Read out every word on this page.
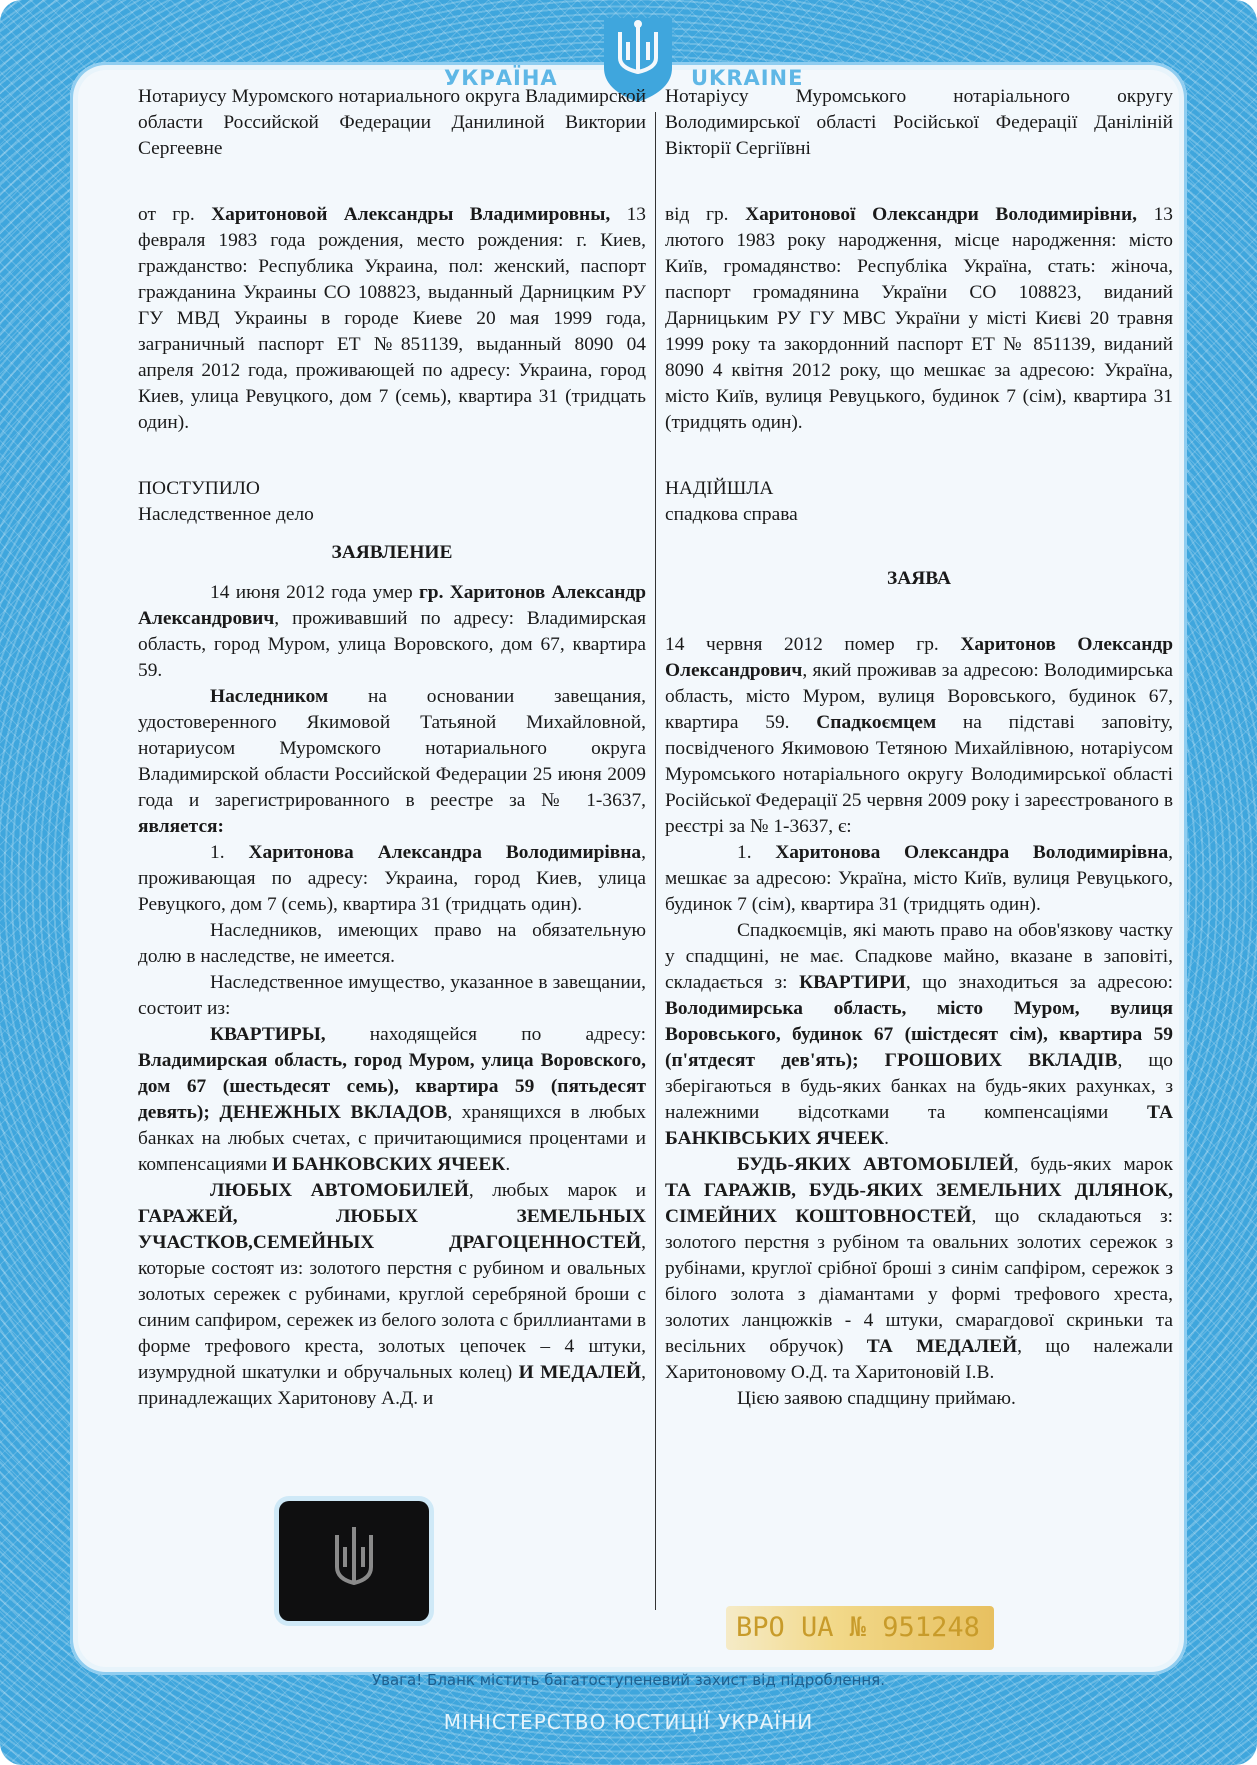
УКРАЇНА	UKRAINE

Нотариусу Муромского нотариального округа Владимирской области Российской Федерации Данилиной Виктории Сергеевне

от гр. Харитоновой Александры Владимировны, 13 февраля 1983 года рождения, место рождения: г. Киев, гражданство: Республика Украина, пол: женский, паспорт гражданина Украины СО 108823, выданный Дарницким РУ ГУ МВД Украины в городе Киеве 20 мая 1999 года, заграничный паспорт ЕТ №851139, выданный 8090 04 апреля 2012 года, проживающей по адресу: Украина, город Киев, улица Ревуцкого, дом 7 (семь), квартира 31 (тридцать один).

ПОСТУПИЛО

Наследственное дело

ЗАЯВЛЕНИЕ

14 июня 2012 года умер гр. Харитонов Александр Александрович, проживавший по адресу: Владимирская область, город Муром, улица Воровского, дом 67, квартира 59.

Наследником на основании завещания, удостоверенного Якимовой Татьяной Михайловной, нотариусом Муромского нотариального округа Владимирской области Российской Федерации 25 июня 2009 года и зарегистрированного в реестре за № 1-3637, является:

1. Харитонова Александра Володимирівна, проживающая по адресу: Украина, город Киев, улица Ревуцкого, дом 7 (семь), квартира 31 (тридцать один).

Наследников, имеющих право на обязательную долю в наследстве, не имеется.

Наследственное имущество, указанное в завещании, состоит из:

КВАРТИРЫ, находящейся по адресу: Владимирская область, город Муром, улица Воровского, дом 67 (шестьдесят семь), квартира 59 (пятьдесят девять); ДЕНЕЖНЫХ ВКЛАДОВ, хранящихся в любых банках на любых счетах, с причитающимися процентами и компенсациями И БАНКОВСКИХ ЯЧЕЕК.

ЛЮБЫХ АВТОМОБИЛЕЙ, любых марок и ГАРАЖЕЙ, ЛЮБЫХ ЗЕМЕЛЬНЫХ УЧАСТКОВ,СЕМЕЙНЫХ ДРАГОЦЕННОСТЕЙ, которые состоят из: золотого перстня с рубином и овальных золотых сережек с рубинами, круглой серебряной броши с синим сапфиром, сережек из белого золота с бриллиантами в форме трефового креста, золотых цепочек – 4 штуки, изумрудной шкатулки и обручальных колец) И МЕДАЛЕЙ, принадлежащих Харитонову А.Д. и

Нотаріусу Муромського нотаріального округу Володимирської області Російської Федерації Даніліній Вікторії Сергіївні

від гр. Харитонової Олександри Володимирівни, 13 лютого 1983 року народження, місце народження: місто Київ, громадянство: Республіка Україна, стать: жіноча, паспорт громадянина України СО 108823, виданий Дарницьким РУ ГУ МВС України у місті Києві 20 травня 1999 року та закордонний паспорт ЕТ № 851139, виданий 8090 4 квітня 2012 року, що мешкає за адресою: Україна, місто Київ, вулиця Ревуцького, будинок 7 (сім), квартира 31 (тридцять один).

НАДІЙШЛА

спадкова справа

ЗАЯВА

14 червня 2012 помер гр. Харитонов Олександр Олександрович, який проживав за адресою: Володимирська область, місто Муром, вулиця Воровського, будинок 67, квартира 59. Спадкоємцем на підставі заповіту, посвідченого Якимовою Тетяною Михайлівною, нотаріусом Муромського нотаріального округу Володимирської області Російської Федерації 25 червня 2009 року і зареєстрованого в реєстрі за № 1-3637, є:

1. Харитонова Олександра Володимирівна, мешкає за адресою: Україна, місто Київ, вулиця Ревуцького, будинок 7 (сім), квартира 31 (тридцять один).

Спадкоємців, які мають право на обов'язкову частку у спадщині, не має. Спадкове майно, вказане в заповіті, складається з: КВАРТИРИ, що знаходиться за адресою: Володимирська область, місто Муром, вулиця Воровського, будинок 67 (шістдесят сім), квартира 59 (п'ятдесят дев'ять); ГРОШОВИХ ВКЛАДІВ, що зберігаються в будь-яких банках на будь-яких рахунках, з належними відсотками та компенсаціями ТА БАНКІВСЬКИХ ЯЧЕЕК.

БУДЬ-ЯКИХ АВТОМОБІЛЕЙ, будь-яких марок ТА ГАРАЖІВ, БУДЬ-ЯКИХ ЗЕМЕЛЬНИХ ДІЛЯНОК, СІМЕЙНИХ КОШТОВНОСТЕЙ, що складаються з: золотого перстня з рубіном та овальних золотих сережок з рубінами, круглої срібної броші з синім сапфіром, сережок з білого золота з діамантами у формі трефового хреста, золотих ланцюжків - 4 штуки, смарагдової скриньки та весільних обручок) ТА МЕДАЛЕЙ, що належали Харитоновому О.Д. та Харитоновій І.В.

Цією заявою спадщину приймаю.

ВРО UA № 951248
Увага! Бланк містить багатоступеневий захист від підроблення.
МІНІСТЕРСТВО ЮСТИЦІЇ УКРАЇНИ
